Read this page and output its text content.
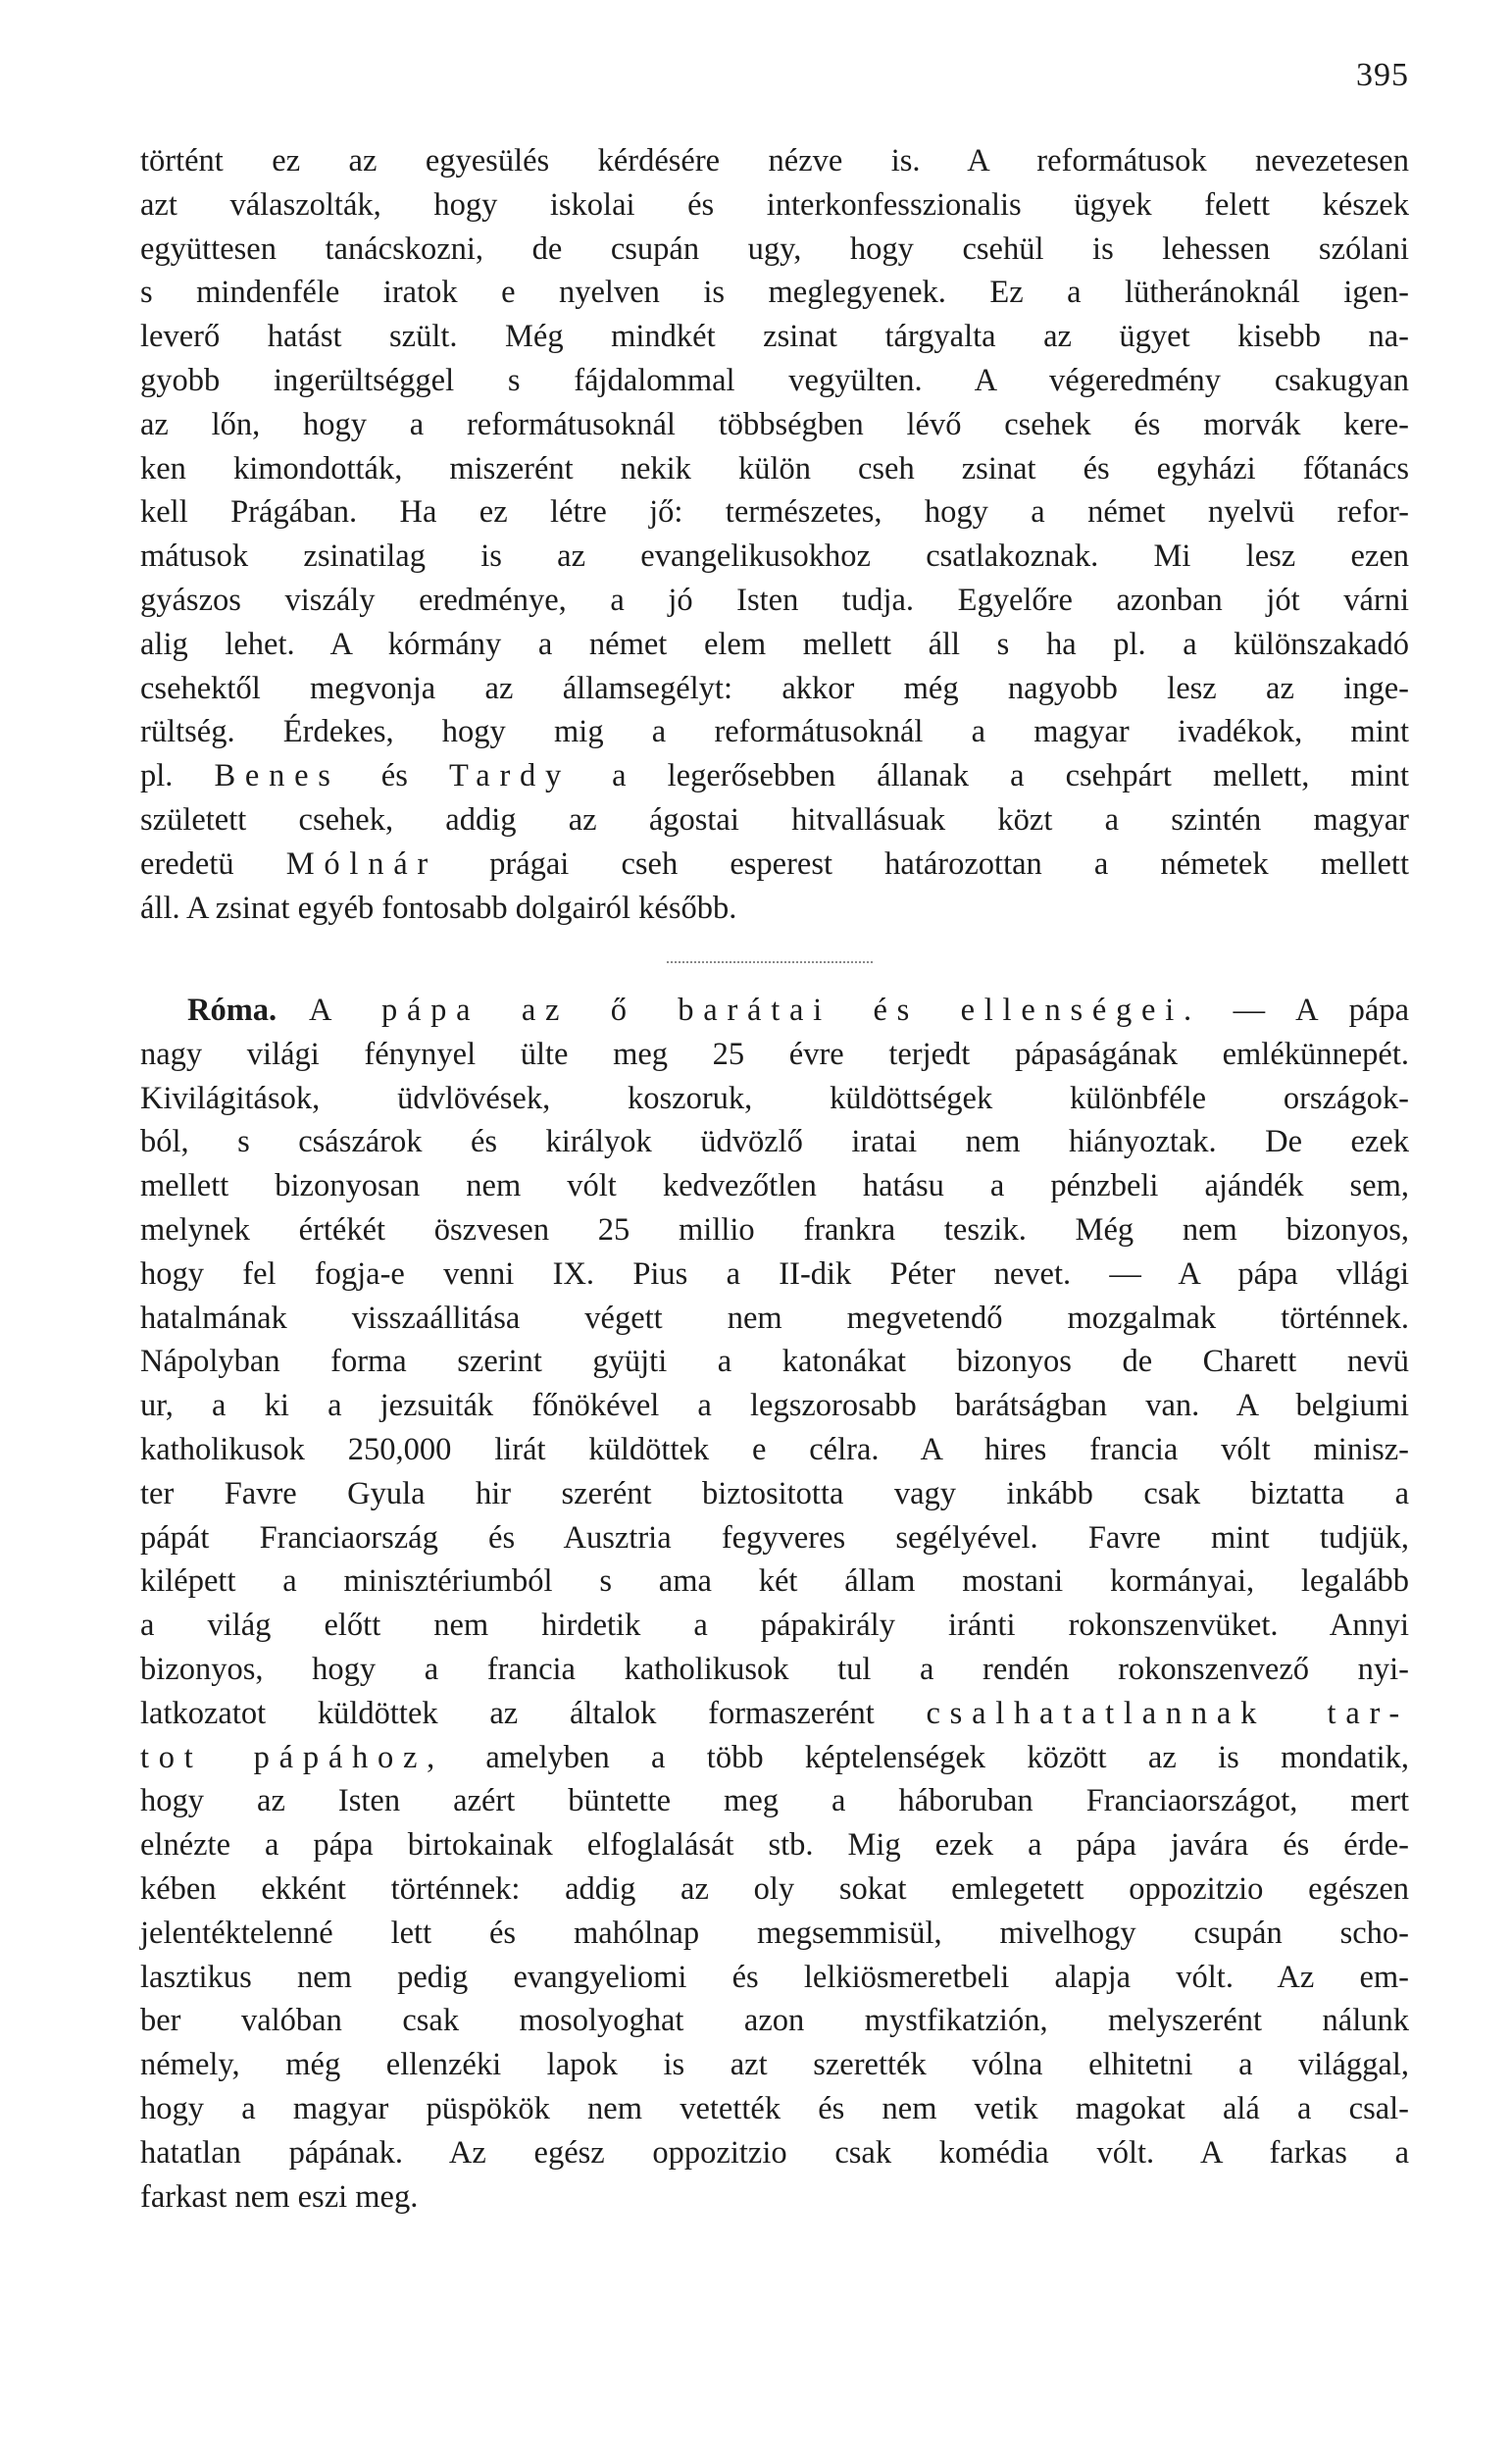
395
történt ez az egyesülés kérdésére nézve is. A reformátusok nevezetesen
azt válaszolták, hogy iskolai és interkonfesszionalis ügyek felett készek
együttesen tanácskozni, de csupán ugy, hogy csehül is lehessen szólani
s mindenféle iratok e nyelven is meglegyenek. Ez a lütheránoknál igen-
leverő hatást szült. Még mindkét zsinat tárgyalta az ügyet kisebb na-
gyobb ingerültséggel s fájdalommal vegyülten. A végeredmény csakugyan
az lőn, hogy a reformátusoknál többségben lévő csehek és morvák kere-
ken kimondották, miszerént nekik külön cseh zsinat és egyházi főtanács
kell Prágában. Ha ez létre jő: természetes, hogy a német nyelvü refor-
mátusok zsinatilag is az evangelikusokhoz csatlakoznak. Mi lesz ezen
gyászos viszály eredménye, a jó Isten tudja. Egyelőre azonban jót várni
alig lehet. A kórmány a német elem mellett áll s ha pl. a különszakadó
csehektől megvonja az államsegélyt: akkor még nagyobb lesz az inge-
rültség. Érdekes, hogy mig a reformátusoknál a magyar ivadékok, mint
pl. Benes és Tardy a legerősebben állanak a csehpárt mellett, mint
született csehek, addig az ágostai hitvallásuak közt a szintén magyar
eredetü Mólnár prágai cseh esperest határozottan a németek mellett
áll. A zsinat egyéb fontosabb dolgairól később.
Róma. A pápa az ő barátai és ellenségei. — A pápa
nagy világi fénynyel ülte meg 25 évre terjedt pápaságának emlékünnepét.
Kivilágitások, üdvlövések, koszoruk, küldöttségek különbféle országok-
ból, s császárok és királyok üdvözlő iratai nem hiányoztak. De ezek
mellett bizonyosan nem vólt kedvezőtlen hatásu a pénzbeli ajándék sem,
melynek értékét öszvesen 25 millio frankra teszik. Még nem bizonyos,
hogy fel fogja-e venni IX. Pius a II-dik Péter nevet. — A pápa vllági
hatalmának visszaállitása végett nem megvetendő mozgalmak történnek.
Nápolyban forma szerint gyüjti a katonákat bizonyos de Charett nevü
ur, a ki a jezsuiták főnökével a legszorosabb barátságban van. A belgiumi
katholikusok 250,000 lirát küldöttek e célra. A hires francia vólt minisz-
ter Favre Gyula hir szerént biztositotta vagy inkább csak biztatta a
pápát Franciaország és Ausztria fegyveres segélyével. Favre mint tudjük,
kilépett a minisztériumból s ama két állam mostani kormányai, legalább
a világ előtt nem hirdetik a pápakirály iránti rokonszenvüket. Annyi
bizonyos, hogy a francia katholikusok tul a rendén rokonszenvező nyi-
latkozatot küldöttek az általok formaszerént csalhatatlannak tar-
tot pápához, amelyben a több képtelenségek között az is mondatik,
hogy az Isten azért büntette meg a háboruban Franciaországot, mert
elnézte a pápa birtokainak elfoglalását stb. Mig ezek a pápa javára és érde-
kében ekként történnek: addig az oly sokat emlegetett oppozitzio egészen
jelentéktelenné lett és mahólnap megsemmisül, mivelhogy csupán scho-
lasztikus nem pedig evangyeliomi és lelkiösmeretbeli alapja vólt. Az em-
ber valóban csak mosolyoghat azon mystfikatzión, melyszerént nálunk
némely, még ellenzéki lapok is azt szerették vólna elhitetni a világgal,
hogy a magyar püspökök nem vetették és nem vetik magokat alá a csal-
hatatlan pápának. Az egész oppozitzio csak komédia vólt. A farkas a
farkast nem eszi meg.
